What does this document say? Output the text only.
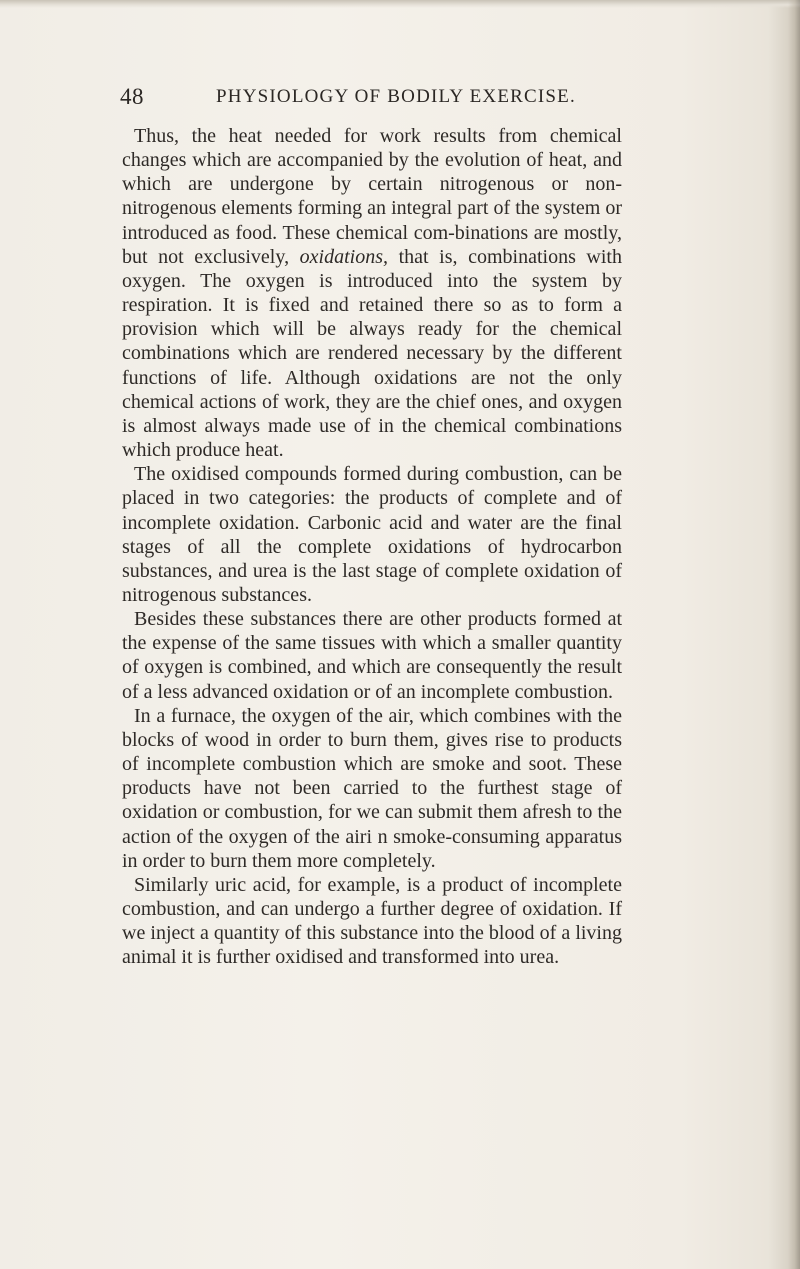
48	PHYSIOLOGY OF BODILY EXERCISE.

Thus, the heat needed for work results from chemical changes which are accompanied by the evolution of heat, and which are undergone by certain nitrogenous or non-nitrogenous elements forming an integral part of the system or introduced as food. These chemical com-binations are mostly, but not exclusively, oxidations, that is, combinations with oxygen. The oxygen is introduced into the system by respiration. It is fixed and retained there so as to form a provision which will be always ready for the chemical combinations which are rendered necessary by the different functions of life. Although oxidations are not the only chemical actions of work, they are the chief ones, and oxygen is almost always made use of in the chemical combinations which produce heat.

The oxidised compounds formed during combustion, can be placed in two categories: the products of complete and of incomplete oxidation. Carbonic acid and water are the final stages of all the complete oxidations of hydrocarbon substances, and urea is the last stage of complete oxidation of nitrogenous substances.

Besides these substances there are other products formed at the expense of the same tissues with which a smaller quantity of oxygen is combined, and which are consequently the result of a less advanced oxidation or of an incomplete combustion.

In a furnace, the oxygen of the air, which combines with the blocks of wood in order to burn them, gives rise to products of incomplete combustion which are smoke and soot. These products have not been carried to the furthest stage of oxidation or combustion, for we can submit them afresh to the action of the oxygen of the airi n smoke-consuming apparatus in order to burn them more completely.

Similarly uric acid, for example, is a product of incomplete combustion, and can undergo a further degree of oxidation. If we inject a quantity of this substance into the blood of a living animal it is further oxidised and transformed into urea.
